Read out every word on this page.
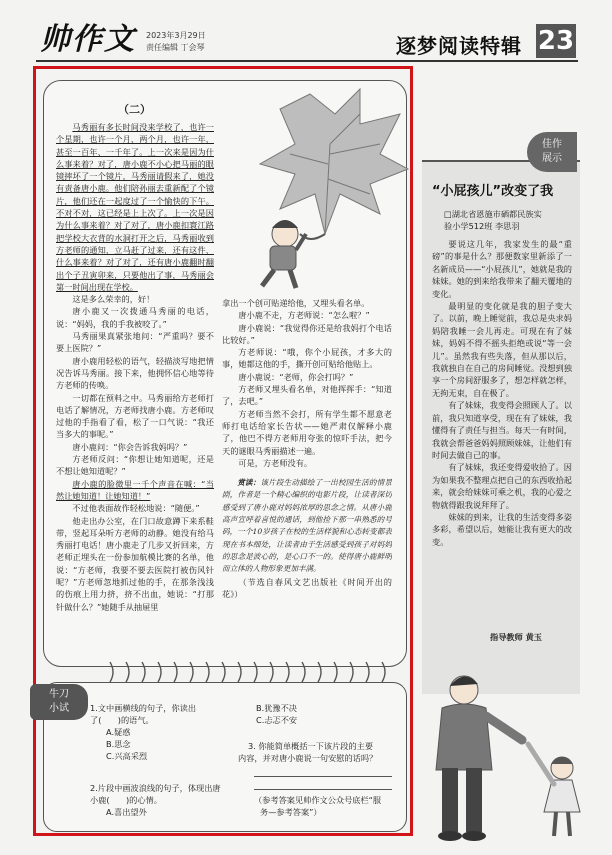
帅作文 2023年3月29日
责任编辑 丁会琴	逐梦阅读特辑 23
（二）

马秀丽有多长时间没来学校了，也许一个星期，也许一个月，两个月，也许一年，甚至一百年、一千年了。上一次来是因为什么事来着？对了，唐小鹿不小心把马丽的眼镜摔坏了一个镜片，马秀丽请假来了，她没有责备唐小鹿。他们陪孙丽去重新配了个镜片，他们还在一起度过了一个愉快的下午。不对不对，这已经是上上次了。上一次是因为什么事来着？对了对了，唐小鹿扣寰江路把学校大衣背的水洞打开之后，马秀丽收到方老师的通知，立马赶了过来，还有这件，什么事来着？对了对了，还有唐小鹿翻时翻出个子丑寅卯来，只要他出了事，马秀丽会第一时间出现在学校。

这是多么荣幸的，好！

唐小鹿又一次拨通马秀丽的电话，说：“妈妈，我的手我被咬了。”

马秀丽果真紧张地问：“严重吗？要不要上医院？”

唐小鹿用轻松的语气，轻描淡写地把情况告诉马秀丽。接下来，他拥怀信心地等待方老师的传唤。

一切都在预料之中。马秀丽给方老师打电话了解情况，方老师找唐小鹿。方老师叹过他的手指看了看，松了一口气说：“我还当多大的事呢。”

唐小鹿问：“你会告诉我妈吗？”

方老师反问：“你想让她知道呢，还是不想让她知道呢？”

唐小鹿的脸微里一千个声音在喊：“当然让她知道！让她知道！”

不过他表面故作轻松地说：“随便。”

他走出办公室，在门口故意蹲下来系鞋带，竖起耳朵听方老师的动静。她没有给马秀丽打电话！唐小鹿走了几步又折回来，方老师正埋头在一份参加航模比赛的名单，他说：“方老师，我要不要去医院打被伤风针呢？”方老师忽地抓过他的手，在那条浅浅的伤痕上用力挤，挤不出血，她说：“打那针做什么？”她随手从抽屉里

拿出一个创可贴递给他，又埋头看名单。

唐小鹿不走，方老师说：“怎么啦？”

唐小鹿说：“我觉得你还是给我妈打个电话比较好。”

方老师说：“哦，你个小屁孩，才多大的事，她都这他的手，撕开创可贴给他贴上。

唐小鹿说：“老师，你会打吗？”

方老师又埋头看名单，对他挥挥手：“知道了，去吧。”

方老师当然不会打，所有学生都不愿意老师打电话给家长告状——她严肃仅解释小鹿了，他巴不得方老师用夸张的惊吓手法，把今天的谜眼马秀丽描述一遍。

可是，方老师没有。

赏读：该片段生动描绘了一出校园生活的情景剧，作者是一个精心编织的电影片段，让读者深切感受到了唐小鹿对妈妈浓厚的思念之情。从唐小鹿高声宣呼着喜悦的通话，到他捡下那一串熟悉的号码，一个10岁孩子在校的生活样貌和心态转变都表现在书本细处，让读者由于生活感受到孩子对妈妈的思念是波心的，是心口不一的。使得唐小鹿鲜明而立体的人物形象更加丰满。

（节选自春风文艺出版社《时间开出的花》）

牛刀
小试	1.文中画横线的句子，你读出
了(　　)的语气。
A.疑惑
B.思念
C.兴高采烈
2.片段中画波浪线的句子，体现出唐
小鹿(　　)的心情。
A.喜出望外
B.犹豫不决
C.忐忑不安
3. 你能简单概括一下该片段的主要
内容，并对唐小鹿说一句安慰的话吗？
（参考答案见帅作文公众号底栏“服
务—参考答案”）
佳作
展示
“小屁孩儿”改变了我
□湖北省恩施市硒都民族实
验小学512班 李思羽

要说这几年，我家发生的最“重磅”的事是什么？那便数家里新添了一名新成员——“小屁孩儿”，她就是我的妹妹。她的到来给我带来了翻天覆地的变化。

最明显的变化就是我的胆子变大了。以前，晚上睡觉前，我总是央求妈妈陪我睡一会儿再走。可现在有了妹妹，妈妈不得不摇头拒绝或说“等一会儿”。虽然我有些失落，但从那以后，我就独自在自己的房间睡觉。没想到独享一个房间舒服多了，想怎样就怎样，无拘无束，自在极了。

有了妹妹，我变得会照顾人了。以前，我只知道享受，现在有了妹妹，我懂得有了责任与担当。每天一有时间，我就会帮爸爸妈妈照顾妹妹，让他们有时间去做自己的事。

有了妹妹，我还变得爱收拾了。因为如果我不整理点把自己的东西收拾起来，就会给妹妹可乘之机，我的心爱之物就得跟我说拜拜了。

妹妹的到来，让我的生活变得多姿多彩，希望以后，她能让我有更大的改变。

指导教师 黄玉
